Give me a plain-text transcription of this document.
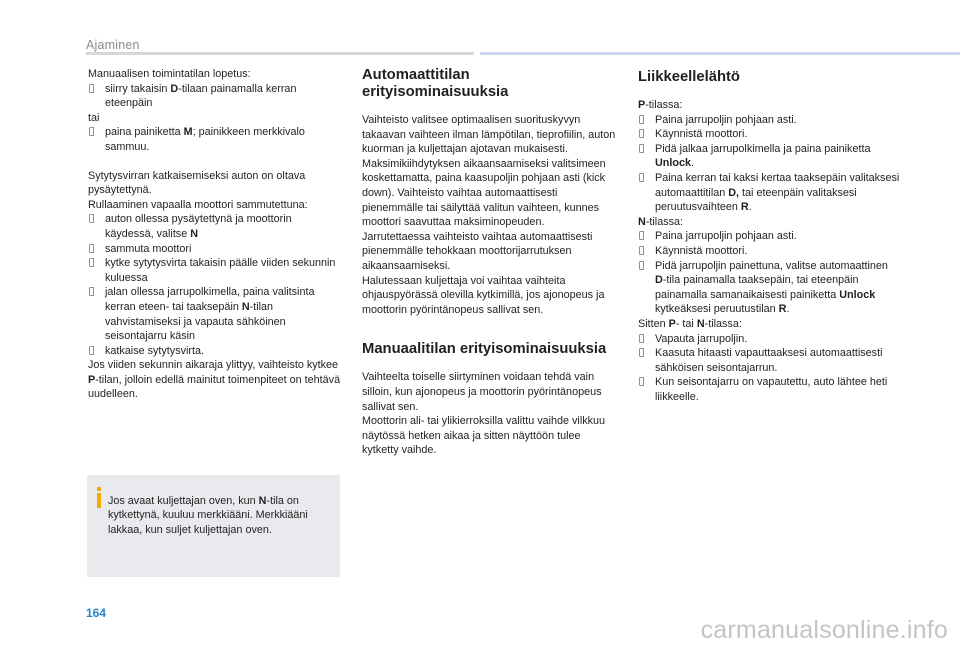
Ajaminen

Manuaalisen toimintatilan lopetus:

siirry takaisin D-tilaan painamalla kerran eteenpäin

tai

paina painiketta M; painikkeen merkkivalo sammuu.

Sytytysvirran katkaisemiseksi auton on oltava pysäytettynä.

Rullaaminen vapaalla moottori sammutettuna:

auton ollessa pysäytettynä ja moottorin käydessä, valitse N

sammuta moottori

kytke sytytysvirta takaisin päälle viiden sekunnin kuluessa

jalan ollessa jarrupolkimella, paina valitsinta kerran eteen- tai taaksepäin N-tilan vahvistamiseksi ja vapauta sähköinen seisontajarru käsin

katkaise sytytysvirta.

Jos viiden sekunnin aikaraja ylittyy, vaihteisto kytkee P-tilan, jolloin edellä mainitut toimenpiteet on tehtävä uudelleen.

Jos avaat kuljettajan oven, kun N-tila on kytkettynä, kuuluu merkkiääni. Merkkiääni lakkaa, kun suljet kuljettajan oven.

Automaattitilan erityisominaisuuksia

Vaihteisto valitsee optimaalisen suorituskyvyn takaavan vaihteen ilman lämpötilan, tieprofiilin, auton kuorman ja kuljettajan ajotavan mukaisesti.

Maksimikiihdytyksen aikaansaamiseksi valitsimeen koskettamatta, paina kaasupoljin pohjaan asti (kick down). Vaihteisto vaihtaa automaattisesti pienemmälle tai säilyttää valitun vaihteen, kunnes moottori saavuttaa maksiminopeuden.

Jarrutettaessa vaihteisto vaihtaa automaattisesti pienemmälle tehokkaan moottorijarrutuksen aikaansaamiseksi.

Halutessaan kuljettaja voi vaihtaa vaihteita ohjauspyörässä olevilla kytkimillä, jos ajonopeus ja moottorin pyörintänopeus sallivat sen.

Manuaalitilan erityisominaisuuksia

Vaihteelta toiselle siirtyminen voidaan tehdä vain silloin, kun ajonopeus ja moottorin pyörintänopeus sallivat sen.

Moottorin ali- tai ylikierroksilla valittu vaihde vilkkuu näytössä hetken aikaa ja sitten näyttöön tulee kytketty vaihde.

Liikkeellelähtö

P-tilassa:

Paina jarrupoljin pohjaan asti.

Käynnistä moottori.

Pidä jalkaa jarrupolkimella ja paina painiketta Unlock.

Paina kerran tai kaksi kertaa taaksepäin valitaksesi automaattitilan D, tai eteenpäin valitaksesi peruutusvaihteen R.

N-tilassa:

Paina jarrupoljin pohjaan asti.

Käynnistä moottori.

Pidä jarrupoljin painettuna, valitse automaattinen D-tila painamalla taaksepäin, tai eteenpäin painamalla samanaikaisesti painiketta Unlock kytkeäksesi peruutustilan R.

Sitten P- tai N-tilassa:

Vapauta jarrupoljin.

Kaasuta hitaasti vapauttaaksesi automaattisesti sähköisen seisontajarrun.

Kun seisontajarru on vapautettu, auto lähtee heti liikkeelle.

164
carmanualsonline.info
